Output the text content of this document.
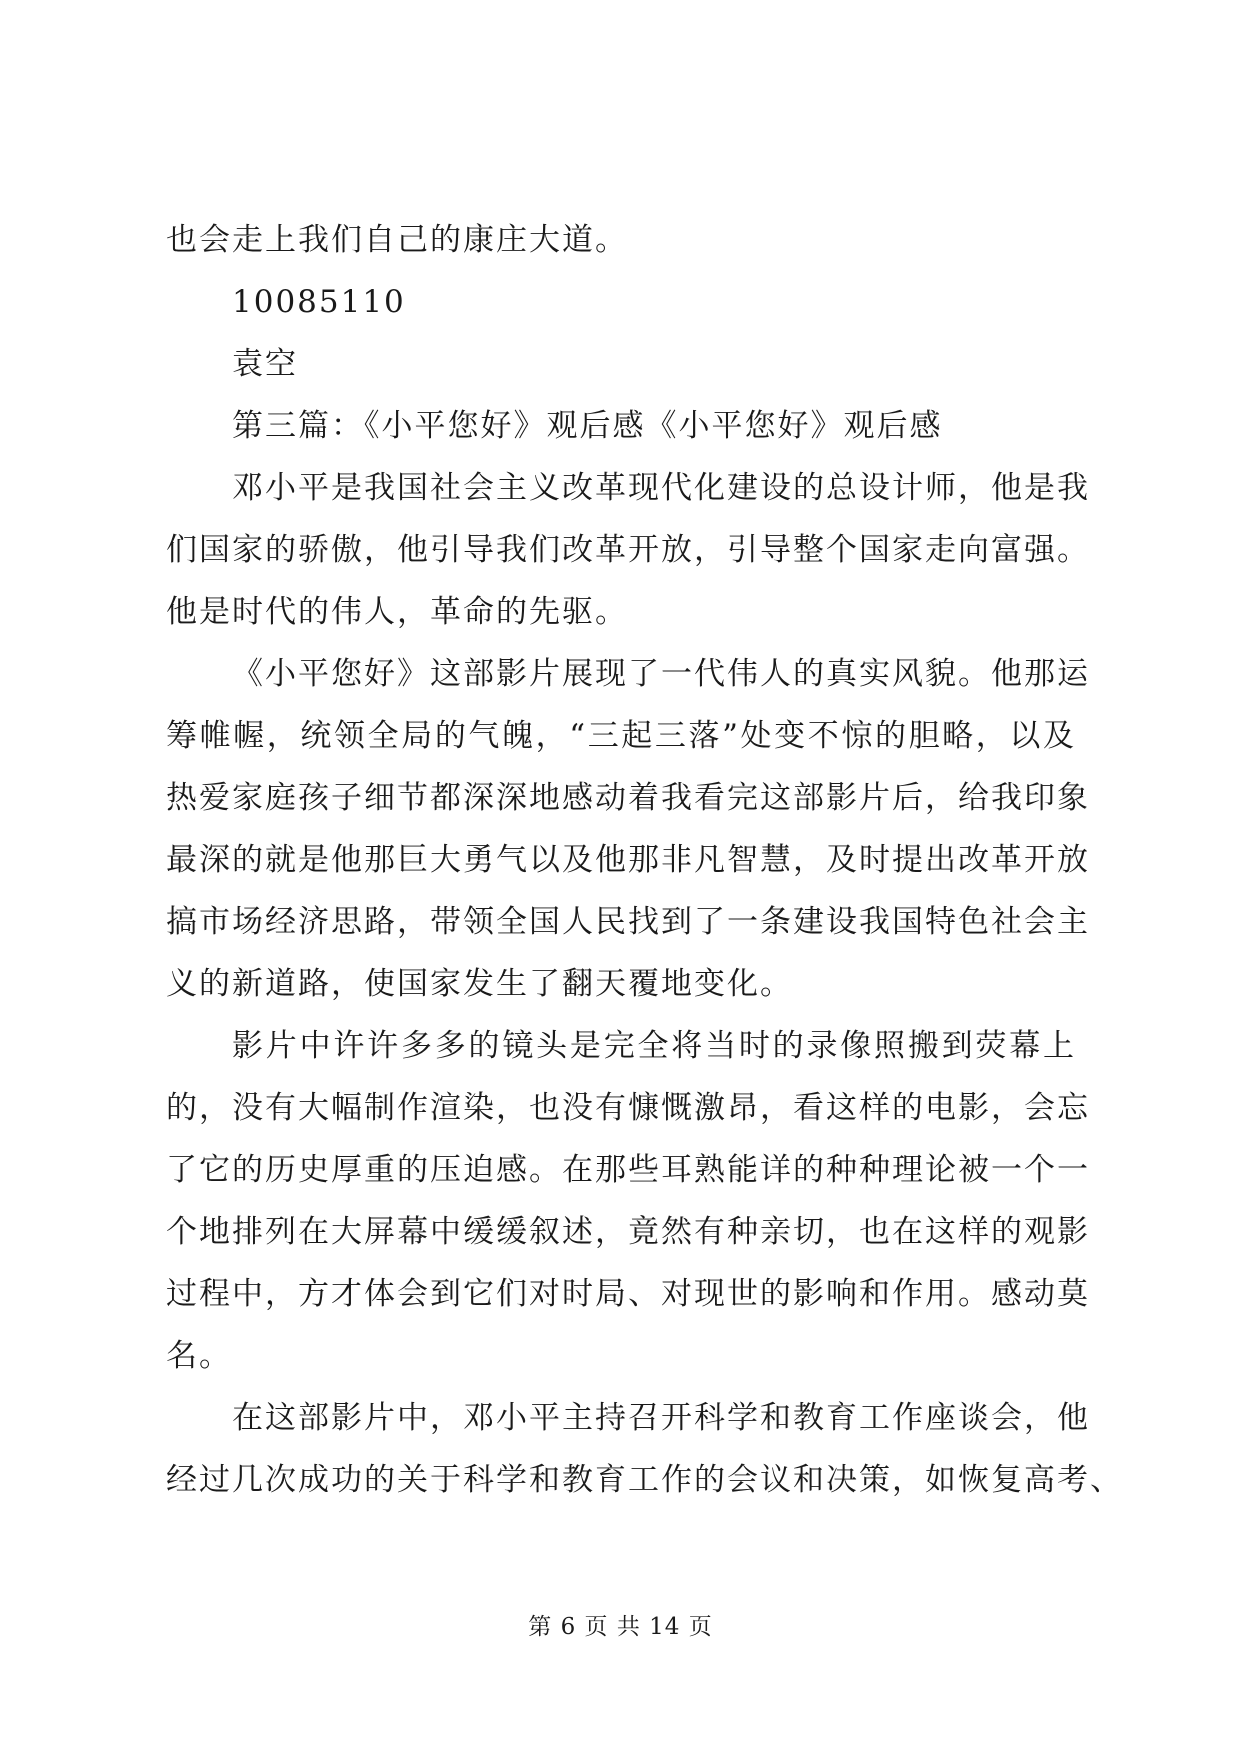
也会走上我们自己的康庄大道。
10085110
袁空
第三篇：《小平您好》观后感《小平您好》观后感
邓小平是我国社会主义改革现代化建设的总设计师，他是我
们国家的骄傲，他引导我们改革开放，引导整个国家走向富强。
他是时代的伟人，革命的先驱。
《小平您好》这部影片展现了一代伟人的真实风貌。他那运
筹帷幄，统领全局的气魄，“三起三落”处变不惊的胆略，以及
热爱家庭孩子细节都深深地感动着我看完这部影片后，给我印象
最深的就是他那巨大勇气以及他那非凡智慧，及时提出改革开放
搞市场经济思路，带领全国人民找到了一条建设我国特色社会主
义的新道路，使国家发生了翻天覆地变化。
影片中许许多多的镜头是完全将当时的录像照搬到荧幕上
的，没有大幅制作渲染，也没有慷慨激昂，看这样的电影，会忘
了它的历史厚重的压迫感。在那些耳熟能详的种种理论被一个一
个地排列在大屏幕中缓缓叙述，竟然有种亲切，也在这样的观影
过程中，方才体会到它们对时局、对现世的影响和作用。感动莫
名。
在这部影片中，邓小平主持召开科学和教育工作座谈会，他
经过几次成功的关于科学和教育工作的会议和决策，如恢复高考、
第 6 页 共 14 页
